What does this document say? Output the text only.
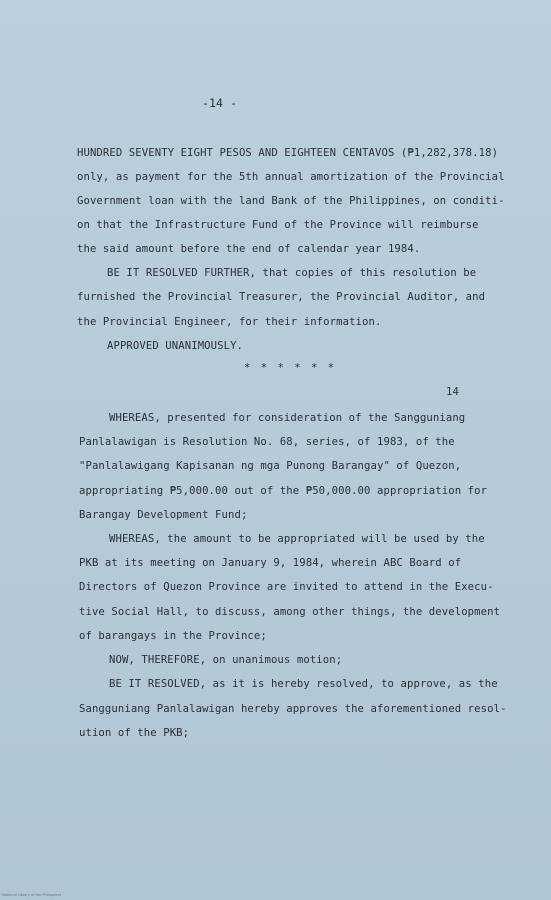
-14 -
HUNDRED SEVENTY EIGHT PESOS AND EIGHTEEN CENTAVOS (₱1,282,378.18)
only, as payment for the 5th annual amortization of the Provincial
Government loan with the land Bank of the Philippines, on conditi-
on that the Infrastructure Fund of the Province will reimburse
the said amount before the end of calendar year 1984.
BE IT RESOLVED FURTHER, that copies of this resolution be
furnished the Provincial Treasurer, the Provincial Auditor, and
the Provincial Engineer, for their information.
APPROVED UNANIMOUSLY.
* * * * * *
14
WHEREAS, presented for consideration of the Sangguniang
Panlalawigan is Resolution No. 68, series, of 1983, of the
"Panlalawigang Kapisanan ng mga Punong Barangay" of Quezon,
appropriating ₱5,000.00 out of the ₱50,000.00 appropriation for
Barangay Development Fund;
WHEREAS, the amount to be appropriated will be used by the
PKB at its meeting on January 9, 1984, wherein ABC Board of
Directors of Quezon Province are invited to attend in the Execu-
tive Social Hall, to discuss, among other things, the development
of barangays in the Province;
NOW, THEREFORE, on unanimous motion;
BE IT RESOLVED, as it is hereby resolved, to approve, as the
Sangguniang Panlalawigan hereby approves the aforementioned resol-
ution of the PKB;
National Library of the Philippines
